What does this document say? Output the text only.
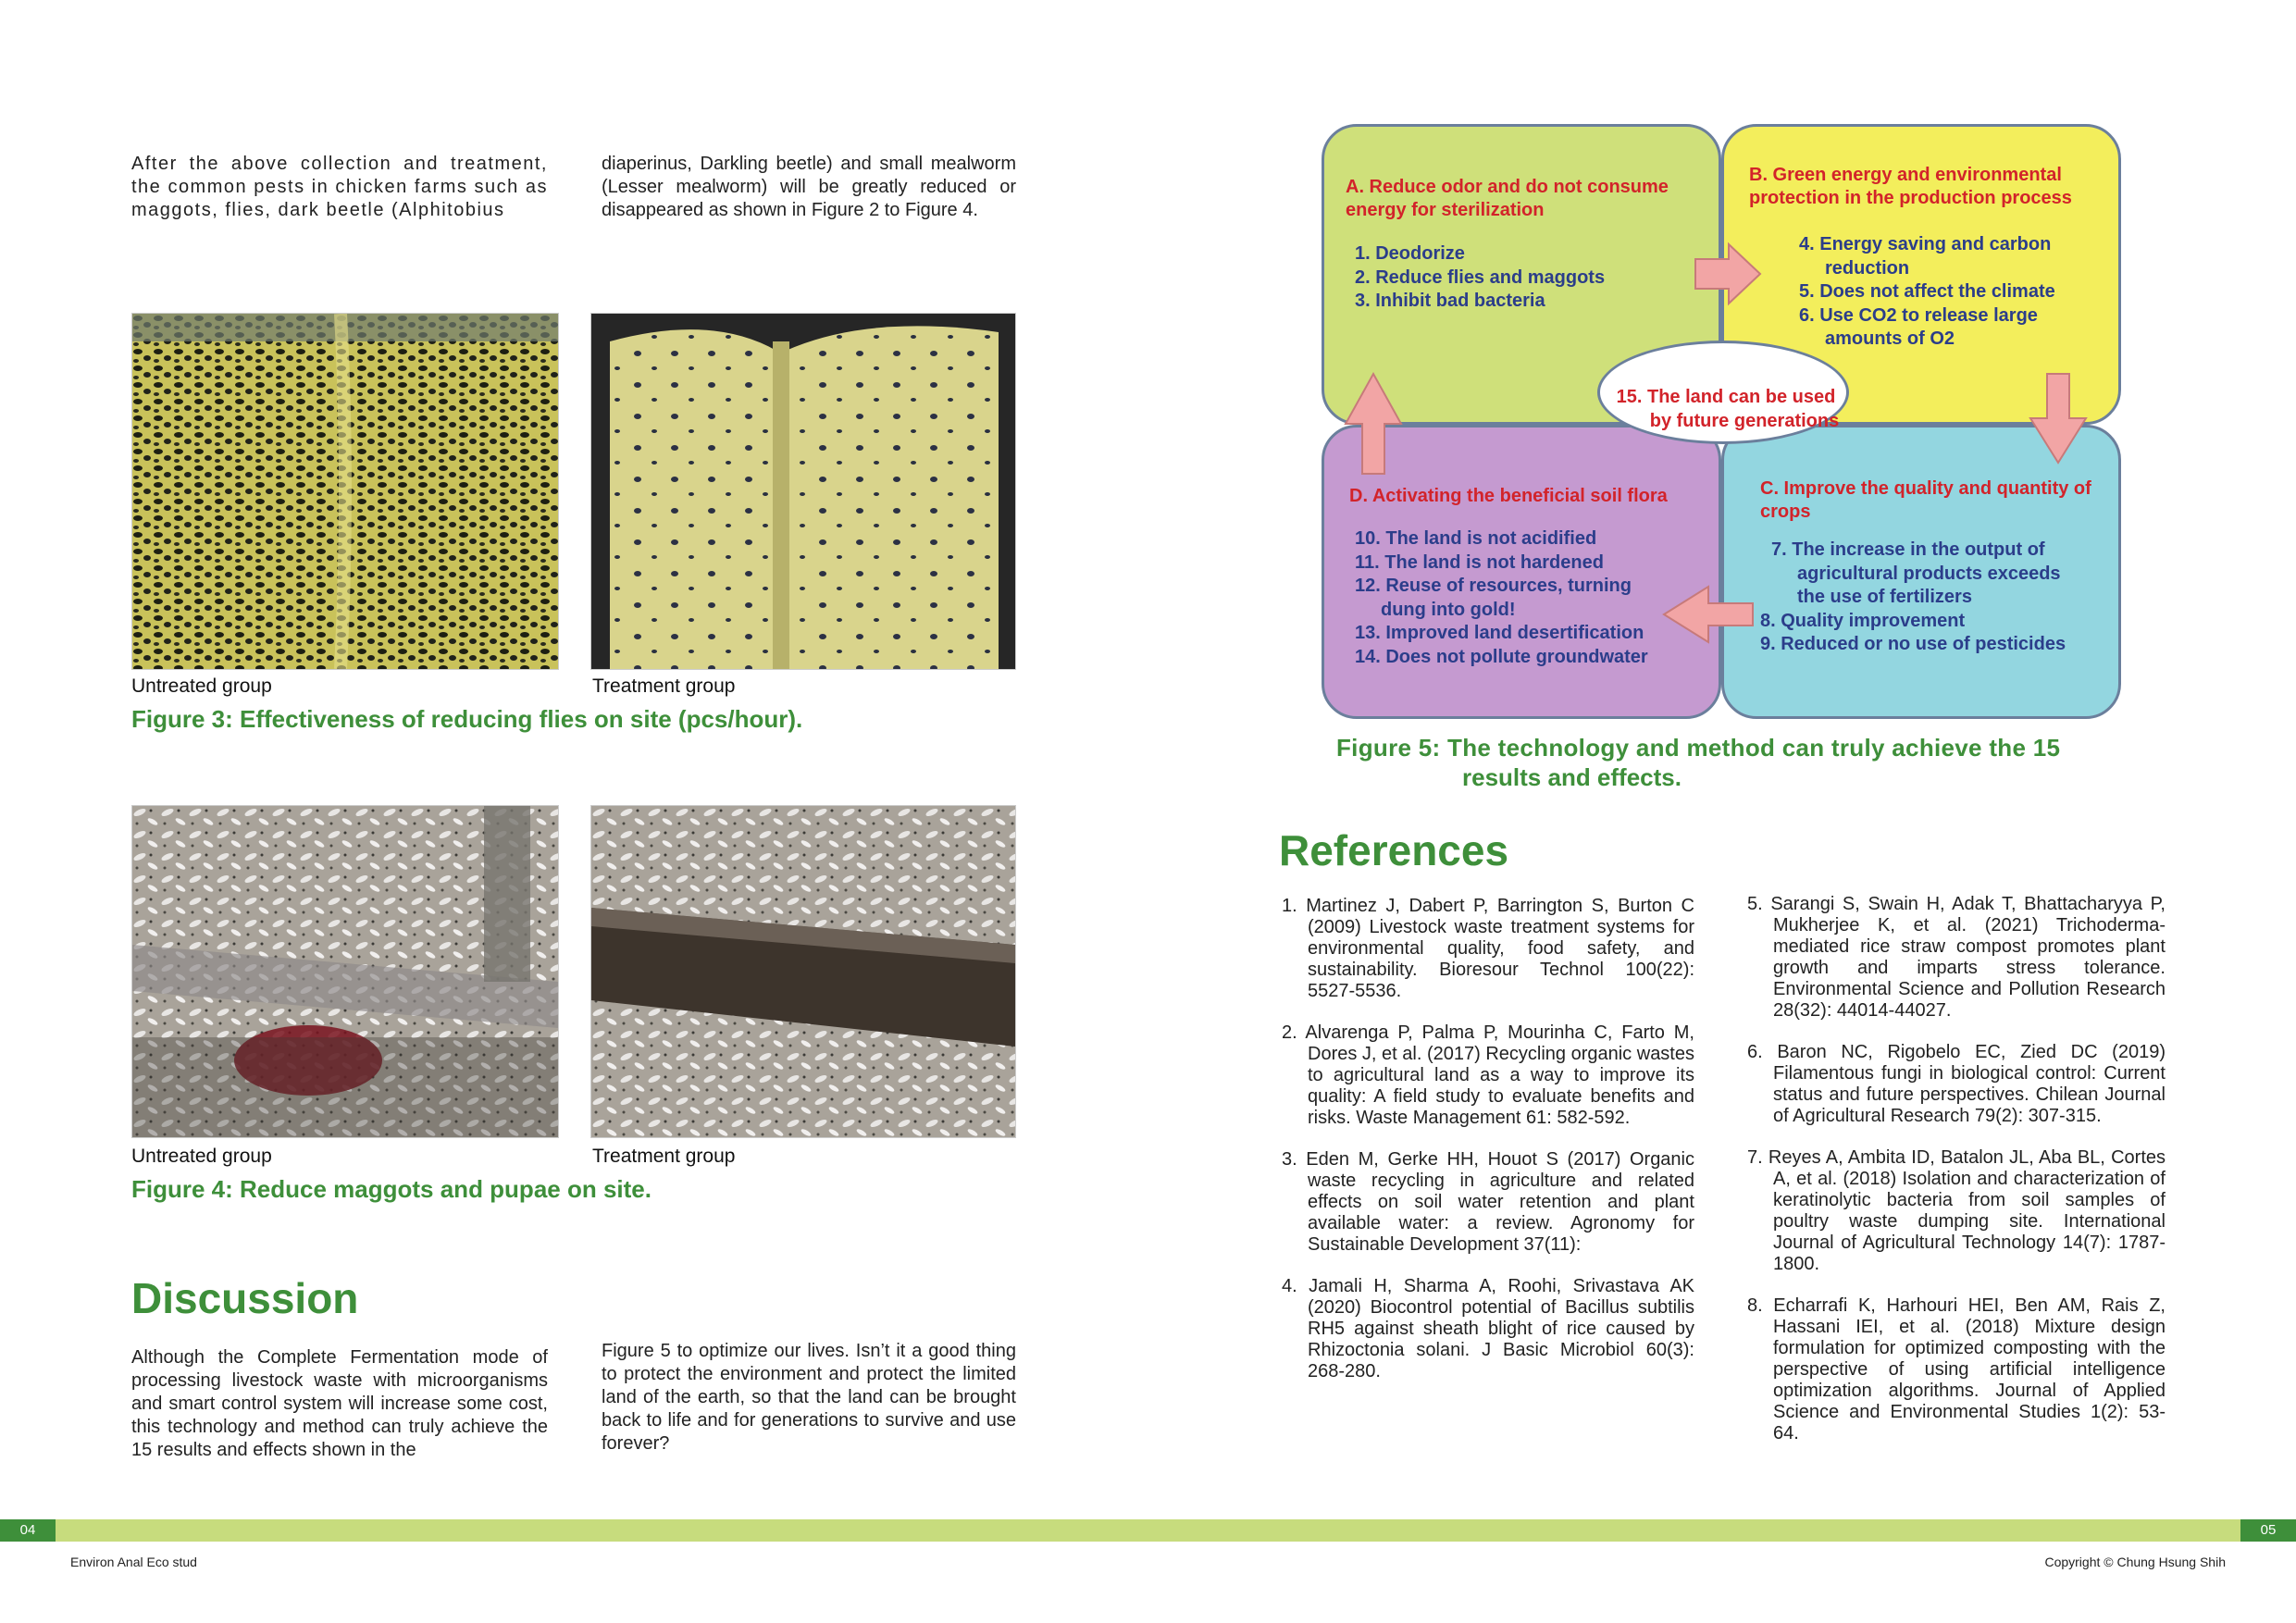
After the above collection and treatment, the common pests in chicken farms such as maggots, flies, dark beetle (Alphitobius
diaperinus, Darkling beetle) and small mealworm (Lesser mealworm) will be greatly reduced or disappeared as shown in Figure 2 to Figure 4.
Untreated group	Treatment group
Figure 3: Effectiveness of reducing flies on site (pcs/hour).
Untreated group	Treatment group
Figure 4: Reduce maggots and pupae on site.
Discussion
Although the Complete Fermentation mode of processing livestock waste with microorganisms and smart control system will increase some cost, this technology and method can truly achieve the 15 results and effects shown in the
Figure 5 to optimize our lives. Isn’t it a good thing to protect the environment and protect the limited land of the earth, so that the land can be brought back to life and for generations to survive and use forever?
A. Reduce odor and do not consume energy for sterilization
1. Deodorize
2. Reduce flies and maggots
3. Inhibit bad bacteria
B. Green energy and environmental protection in the production process
4. Energy saving and carbon
reduction
5. Does not affect the climate
6. Use CO2 to release large
amounts of O2
C. Improve the quality and quantity of crops
7. The increase in the output of
agricultural products exceeds
the use of fertilizers
8. Quality improvement
9. Reduced or no use of pesticides
D. Activating the beneficial soil flora
10. The land is not acidified
11. The land is not hardened
12. Reuse of resources, turning
dung into gold!
13. Improved land desertification
14. Does not pollute groundwater
15. The land can be used
by future generations
Figure 5: The technology and method can truly achieve the 15
results and effects.
References

1. Martinez J, Dabert P, Barrington S, Burton C (2009) Livestock waste treatment systems for environmental quality, food safety, and sustainability. Bioresour Technol 100(22): 5527-5536.

2. Alvarenga P, Palma P, Mourinha C, Farto M, Dores J, et al. (2017) Recycling organic wastes to agricultural land as a way to improve its quality: A field study to evaluate benefits and risks. Waste Management 61: 582-592.

3. Eden M, Gerke HH, Houot S (2017) Organic waste recycling in agriculture and related effects on soil water retention and plant available water: a review. Agronomy for Sustainable Development 37(11):

4. Jamali H, Sharma A, Roohi, Srivastava AK (2020) Biocontrol potential of Bacillus subtilis RH5 against sheath blight of rice caused by Rhizoctonia solani. J Basic Microbiol 60(3): 268-280.

5. Sarangi S, Swain H, Adak T, Bhattacharyya P, Mukherjee K, et al. (2021) Trichoderma-mediated rice straw compost promotes plant growth and imparts stress tolerance. Environmental Science and Pollution Research 28(32): 44014-44027.

6. Baron NC, Rigobelo EC, Zied DC (2019) Filamentous fungi in biological control: Current status and future perspectives. Chilean Journal of Agricultural Research 79(2): 307-315.

7. Reyes A, Ambita ID, Batalon JL, Aba BL, Cortes A, et al. (2018) Isolation and characterization of keratinolytic bacteria from soil samples of poultry waste dumping site. International Journal of Agricultural Technology 14(7): 1787-1800.

8. Echarrafi K, Harhouri HEI, Ben AM, Rais Z, Hassani IEI, et al. (2018) Mixture design formulation for optimized composting with the perspective of using artificial intelligence optimization algorithms. Journal of Applied Science and Environmental Studies 1(2): 53-64.

04	05
Environ Anal Eco stud	Copyright © Chung Hsung Shih
